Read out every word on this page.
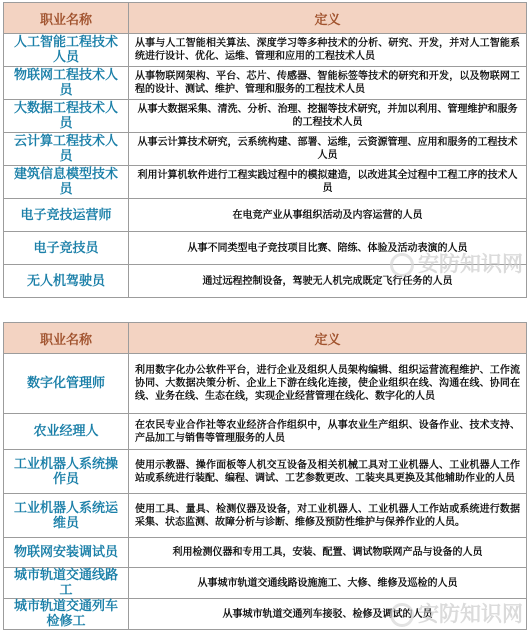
职业名称	定义
人工智能工程技术人员	从事与人工智能相关算法、深度学习等多种技术的分析、研究、开发，并对人工智能系统进行设计、优化、运维、管理和应用的工程技术人员
物联网工程技术人员	从事物联网架构、平台、芯片、传感器、智能标签等技术的研究和开发，以及物联网工程的设计、测试、维护、管理和服务的工程技术人员
大数据工程技术人员	从事大数据采集、清洗、分析、治理、挖掘等技术研究，并加以利用、管理维护和服务的工程技术人员
云计算工程技术人员	从事云计算技术研究，云系统构建、部署、运维，云资源管理、应用和服务的工程技术人员
建筑信息模型技术员	利用计算机软件进行工程实践过程中的模拟建造，以改进其全过程中工程工序的技术人员
电子竞技运营师	在电竞产业从事组织活动及内容运营的人员
电子竞技员	从事不同类型电子竞技项目比赛、陪练、体验及活动表演的人员
无人机驾驶员	通过远程控制设备，驾驶无人机完成既定飞行任务的人员
职业名称	定义
数字化管理师	利用数字化办公软件平台，进行企业及组织人员架构编辑、组织运营流程维护、工作流协同、大数据决策分析、企业上下游在线化连接，使企业组织在线、沟通在线、协同在线、业务在线、生态在线，实现企业经营管理在线化、数字化的人员
农业经理人	在农民专业合作社等农业经济合作组织中，从事农业生产组织、设备作业、技术支持、产品加工与销售等管理服务的人员
工业机器人系统操作员	使用示教器、操作面板等人机交互设备及相关机械工具对工业机器人、工业机器人工作站或系统进行装配、编程、调试、工艺参数更改、工装夹具更换及其他辅助作业的人员
工业机器人系统运维员	使用工具、量具、检测仪器及设备，对工业机器人、工业机器人工作站或系统进行数据采集、状态监测、故障分析与诊断、维修及预防性维护与保养作业的人员。
物联网安装调试员	利用检测仪器和专用工具，安装、配置、调试物联网产品与设备的人员
城市轨道交通线路工	从事城市轨道交通线路设施施工、大修、维修及巡检的人员
城市轨道交通列车检修工	从事城市轨道交通列车接驳、检修及调试的人员
安防知识网
安防知识网
